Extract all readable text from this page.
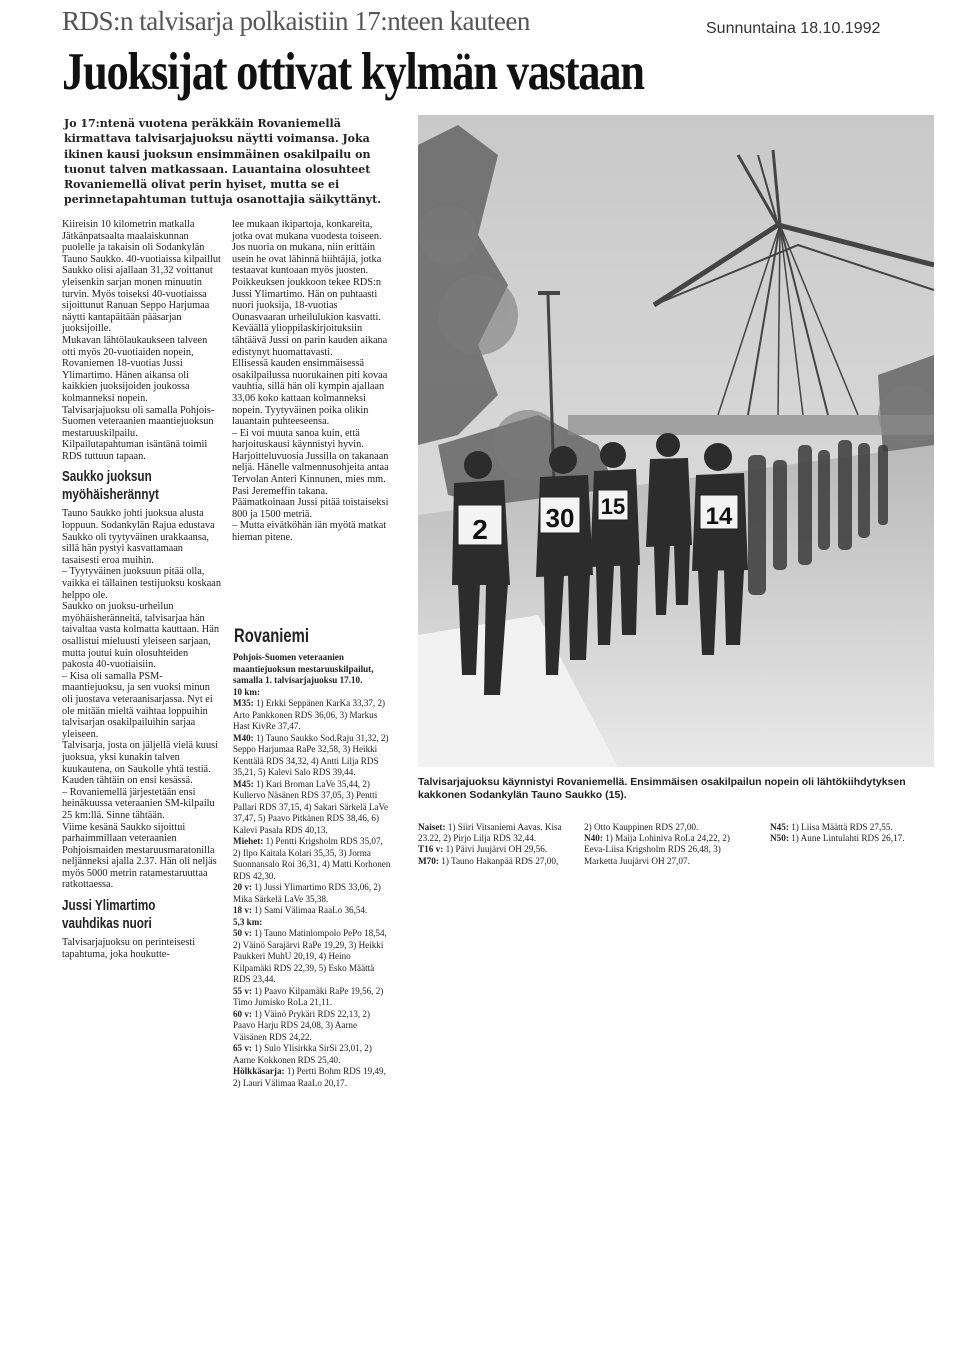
RDS:n talvisarja polkaistiin 17:nteen kauteen	Sunnuntaina 18.10.1992
Juoksijat ottivat kylmän vastaan
Jo 17:ntenä vuotena peräkkäin Rovaniemellä kirmattava talvisarjajuoksu näytti voimansa. Joka ikinen kausi juoksun ensimmäinen osakilpailu on tuonut talven matkassaan. Lauantaina olosuhteet Rovaniemellä olivat perin hyiset, mutta se ei perinnetapahtuman tuttuja osanottajia säikyttänyt.

Kiireisin 10 kilometrin matkalla Jätkänpatsaalta maalaiskunnan puolelle ja takaisin oli Sodankylän Tauno Saukko. 40-vuotiaissa kilpaillut Saukko olisi ajallaan 31,32 voittanut yleisenkin sarjan monen minuutin turvin. Myös toiseksi 40-vuotiaissa sijoittunut Ranuan Seppo Harjumaa näytti kantapäitään pääsarjan juoksijoille.

Mukavan lähtölaukaukseen talveen otti myös 20-vuotiaiden nopein, Rovaniemen 18-vuotias Jussi Ylimartimo. Hänen aikansa oli kaikkien juoksijoiden joukossa kolmanneksi nopein.

Talvisarjajuoksu oli samalla Pohjois-Suomen veteraanien maantiejuoksun mestaruuskilpailu. Kilpailutapahtuman isäntänä toimii RDS tuttuun tapaan.

Saukko juoksun myöhäisherännyt

Tauno Saukko johti juoksua alusta loppuun. Sodankylän Rajua edustava Saukko oli tyytyväinen urakkaansa, sillä hän pystyi kasvattamaan tasaisesti eroa muihin.

– Tyytyväinen juoksuun pitää olla, vaikka ei tällainen testijuoksu koskaan helppo ole.

Saukko on juoksu-urheilun myöhäisheränneitä, talvisarjaa hän taivaltaa vasta kolmatta kauttaan. Hän osallistui mieluusti yleiseen sarjaan, mutta joutui kuin olosuhteiden pakosta 40-vuotiaisiin.

– Kisa oli samalla PSM-maantiejuoksu, ja sen vuoksi minun oli juostava veteraanisarjassa. Nyt ei ole mitään mieltä vaihtaa loppuihin talvisarjan osakilpailuihin sarjaa yleiseen.

Talvisarja, josta on jäljellä vielä kuusi juoksua, yksi kunakin talven kuukautena, on Saukolle yhtä testiä. Kauden tähtäin on ensi kesässä.

– Rovaniemellä järjestetään ensi heinäkuussa veteraanien SM-kilpailu 25 km:llä. Sinne tähtään.

Viime kesänä Saukko sijoittui parhaimmillaan veteraanien Pohjoismaiden mestaruusmaratonilla neljänneksi ajalla 2.37. Hän oli neljäs myös 5000 metrin ratamestaruuttaa ratkottaessa.

Jussi Ylimartimo vauhdikas nuori

Talvisarjajuoksu on perinteisesti tapahtuma, joka houkutte-

lee mukaan ikipartoja, konkareita, jotka ovat mukana vuodesta toiseen. Jos nuoria on mukana, niin erittäin usein he ovat lähinnä hiihtäjiä, jotka testaavat kuntoaan myös juosten.

Poikkeuksen joukkoon tekee RDS:n Jussi Ylimartimo. Hän on puhtaasti nuori juoksija, 18-vuotias Ounasvaaran urheilulukion kasvatti. Keväällä ylioppilaskirjoituksiin tähtäävä Jussi on parin kauden aikana edistynyt huomattavasti.

Ellisessä kauden ensimmäisessä osakilpailussa nuorukainen piti kovaa vauhtia, sillä hän oli kympin ajallaan 33,06 koko kattaan kolmanneksi nopein. Tyytyväinen poika olikin lauantain puhteeseensa.

– Ei voi muuta sanoa kuin, että harjoituskausi käynnistyi hyvin. Harjoitteluvuosia Jussilla on takanaan neljä. Hänelle valmennusohjeita antaa Tervolan Anteri Kinnunen, mies mm. Pasi Jeremeffin takana. Päämatkoinaan Jussi pitää toistaiseksi 800 ja 1500 metriä.

– Mutta eivätköhän iän myötä matkat hieman pitene.

Rovaniemi

Pohjois-Suomen veteraanien maantiejuoksun mestaruuskilpailut, samalla 1. talvisarjajuoksu 17.10.

10 km:

M35: 1) Erkki Seppänen KarKa 33,37, 2) Arto Pankkonen RDS 36,06, 3) Markus Hast KivRe 37,47.

M40: 1) Tauno Saukko Sod.Raju 31,32, 2) Seppo Harjumaa RaPe 32,58, 3) Heikki Kenttälä RDS 34,32, 4) Antti Lilja RDS 35,21, 5) Kalevi Salo RDS 39,44.

M45: 1) Kari Broman LaVe 35,44, 2) Kullervo Näsänen RDS 37,05, 3) Pentti Pallari RDS 37,15, 4) Sakari Särkelä LaVe 37,47, 5) Paavo Pitkänen RDS 38,46, 6) Kalevi Pasala RDS 40,13.

Miehet: 1) Pentti Krigsholm RDS 35,07, 2) Ilpo Kaitala Kolari 35,35, 3) Jorma Suonnansalo Roi 36,31, 4) Matti Korhonen RDS 42,30.

20 v: 1) Jussi Ylimartimo RDS 33,06, 2) Mika Särkelä LaVe 35,38.

18 v: 1) Sami Välimaa RaaLo 36,54.

5,3 km:

50 v: 1) Tauno Matinlompolo PePo 18,54, 2) Väinö Sarajärvi RaPe 19,29, 3) Heikki Paukkeri MuhU 20,19, 4) Heino Kilpamäki RDS 22,39, 5) Esko Määttä RDS 23,44.

55 v: 1) Paavo Kilpamäki RaPe 19,56, 2) Timo Jumisko RoLa 21,11.

60 v: 1) Väinö Prykäri RDS 22,13, 2) Paavo Harju RDS 24,08, 3) Aarne Väisänen RDS 24,22.

65 v: 1) Sulo Ylisirkka SirSi 23,01, 2) Aarne Kokkonen RDS 25,40.

Hölkkäsarja: 1) Pertti Bohm RDS 19,49, 2) Lauri Välimaa RaaLo 20,17.

2 30 15	14
Talvisarjajuoksu käynnistyi Rovaniemellä. Ensimmäisen osakilpailun nopein oli lähtökiihdytyksen kakkonen Sodankylän Tauno Saukko (15).

Naiset: 1) Siiri Vitsaniemi Aavas. Kisa 23.22, 2) Pirjo Lilja RDS 32,44.

T16 v: 1) Päivi Juujärvi OH 29,56.

M70: 1) Tauno Hakanpää RDS 27,00,

2) Otto Kauppinen RDS 27,00.

N40: 1) Maija Lohiniva RoLa 24,22, 2) Eeva-Liisa Krigsholm RDS 26,48, 3) Marketta Juujärvi OH 27,07.

N45: 1) Liisa Määttä RDS 27,55.

N50: 1) Aune Lintulahti RDS 26,17.
